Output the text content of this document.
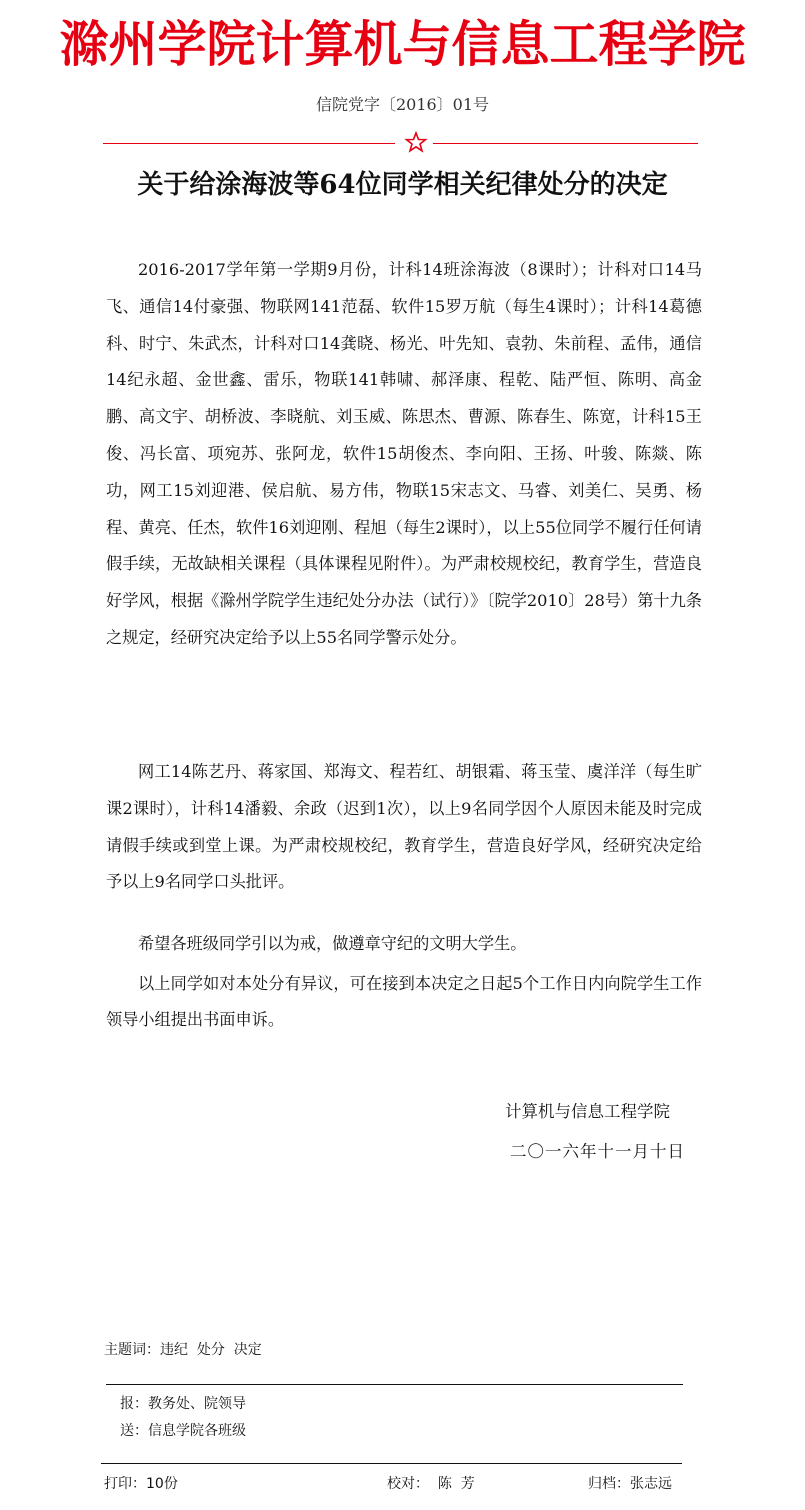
滁州学院计算机与信息工程学院
信院党字〔2016〕01号
关于给涂海波等64位同学相关纪律处分的决定
2016-2017学年第一学期9月份，计科14班涂海波（8课时）；计科对口14马飞、通信14付豪强、物联网141范磊、软件15罗万航（每生4课时）；计科14葛德科、时宁、朱武杰，计科对口14龚晓、杨光、叶先知、袁勃、朱前程、孟伟，通信14纪永超、金世鑫、雷乐，物联141韩啸、郝泽康、程乾、陆严恒、陈明、高金鹏、高文宇、胡桥波、李晓航、刘玉威、陈思杰、曹源、陈春生、陈宽，计科15王俊、冯长富、项宛苏、张阿龙，软件15胡俊杰、李向阳、王扬、叶骏、陈燚、陈功，网工15刘迎港、侯启航、易方伟，物联15宋志文、马睿、刘美仁、吴勇、杨程、黄亮、任杰，软件16刘迎刚、程旭（每生2课时），以上55位同学不履行任何请假手续，无故缺相关课程（具体课程见附件）。为严肃校规校纪，教育学生，营造良好学风，根据《滁州学院学生违纪处分办法（试行）》〔院学2010〕28号）第十九条之规定，经研究决定给予以上55名同学警示处分。
网工14陈艺丹、蒋家国、郑海文、程若红、胡银霜、蒋玉莹、虞洋洋（每生旷课2课时），计科14潘毅、余政（迟到1次），以上9名同学因个人原因未能及时完成请假手续或到堂上课。为严肃校规校纪，教育学生，营造良好学风，经研究决定给予以上9名同学口头批评。
希望各班级同学引以为戒，做遵章守纪的文明大学生。
以上同学如对本处分有异议，可在接到本决定之日起5个工作日内向院学生工作领导小组提出书面申诉。
计算机与信息工程学院
二〇一六年十一月十日
主题词：违纪  处分  决定
报：教务处、院领导
送：信息学院各班级
打印：10份	校对：  陈  芳	归档：张志远
